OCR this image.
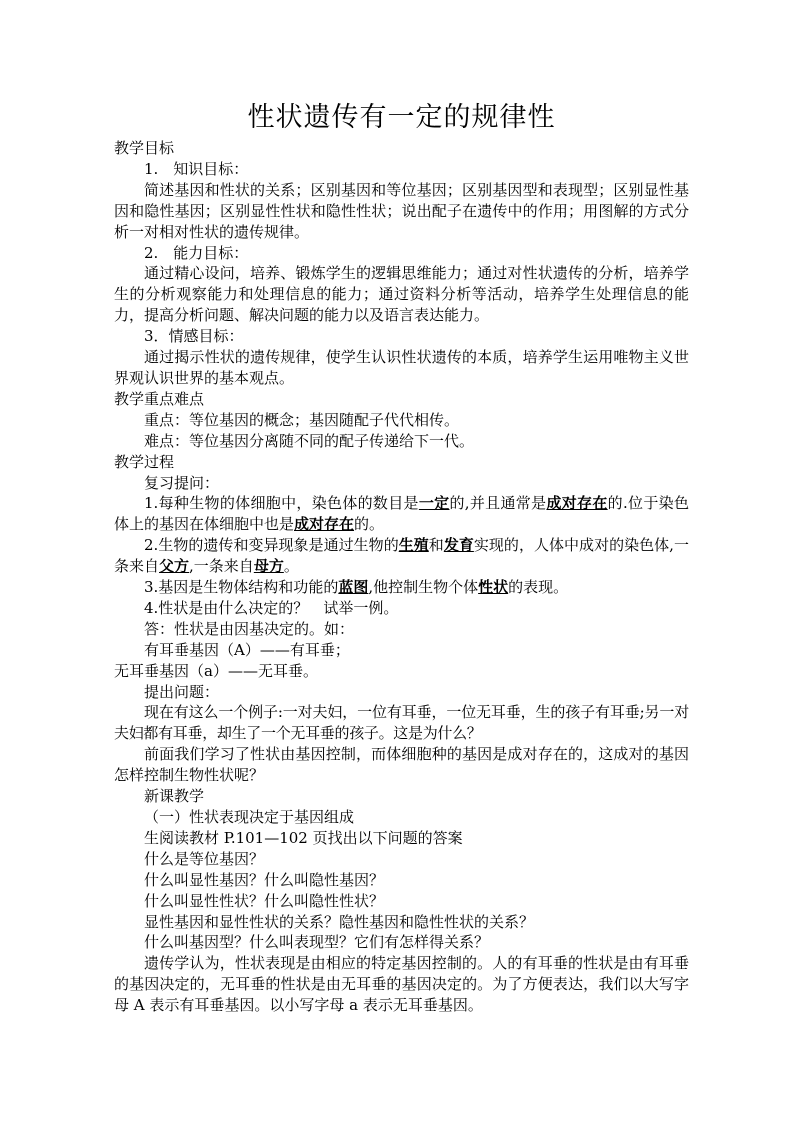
性状遗传有一定的规律性
教学目标
1.　知识目标：
简述基因和性状的关系；区别基因和等位基因；区别基因型和表现型；区别显性基因和隐性基因；区别显性性状和隐性性状；说出配子在遗传中的作用；用图解的方式分析一对相对性状的遗传规律。
2.　能力目标：
通过精心设问，培养、锻炼学生的逻辑思维能力；通过对性状遗传的分析，培养学生的分析观察能力和处理信息的能力；通过资料分析等活动，培养学生处理信息的能力，提高分析问题、解决问题的能力以及语言表达能力。
3．情感目标：
通过揭示性状的遗传规律，使学生认识性状遗传的本质，培养学生运用唯物主义世界观认识世界的基本观点。
教学重点难点
重点：等位基因的概念；基因随配子代代相传。
难点：等位基因分离随不同的配子传递给下一代。
教学过程
复习提问：
1.每种生物的体细胞中，染色体的数目是一定的,并且通常是成对存在的.位于染色体上的基因在体细胞中也是成对存在的。
2.生物的遗传和变异现象是通过生物的生殖和发育实现的，人体中成对的染色体,一条来自父方,一条来自母方。
3.基因是生物体结构和功能的蓝图,他控制生物个体性状的表现。
4.性状是由什么决定的？　试举一例。
答：性状是由因基决定的。如：
有耳垂基因（A）——有耳垂；
无耳垂基因（a）——无耳垂。
提出问题：
现在有这么一个例子:一对夫妇，一位有耳垂，一位无耳垂，生的孩子有耳垂;另一对夫妇都有耳垂，却生了一个无耳垂的孩子。这是为什么？
前面我们学习了性状由基因控制，而体细胞种的基因是成对存在的，这成对的基因怎样控制生物性状呢？
新课教学
（一）性状表现决定于基因组成
生阅读教材 P.101—102 页找出以下问题的答案
什么是等位基因？
什么叫显性基因？什么叫隐性基因？
什么叫显性性状？什么叫隐性性状？
显性基因和显性性状的关系？隐性基因和隐性性状的关系？
什么叫基因型？什么叫表现型？它们有怎样得关系？
遗传学认为，性状表现是由相应的特定基因控制的。人的有耳垂的性状是由有耳垂的基因决定的，无耳垂的性状是由无耳垂的基因决定的。为了方便表达，我们以大写字母 A 表示有耳垂基因。以小写字母 a 表示无耳垂基因。
